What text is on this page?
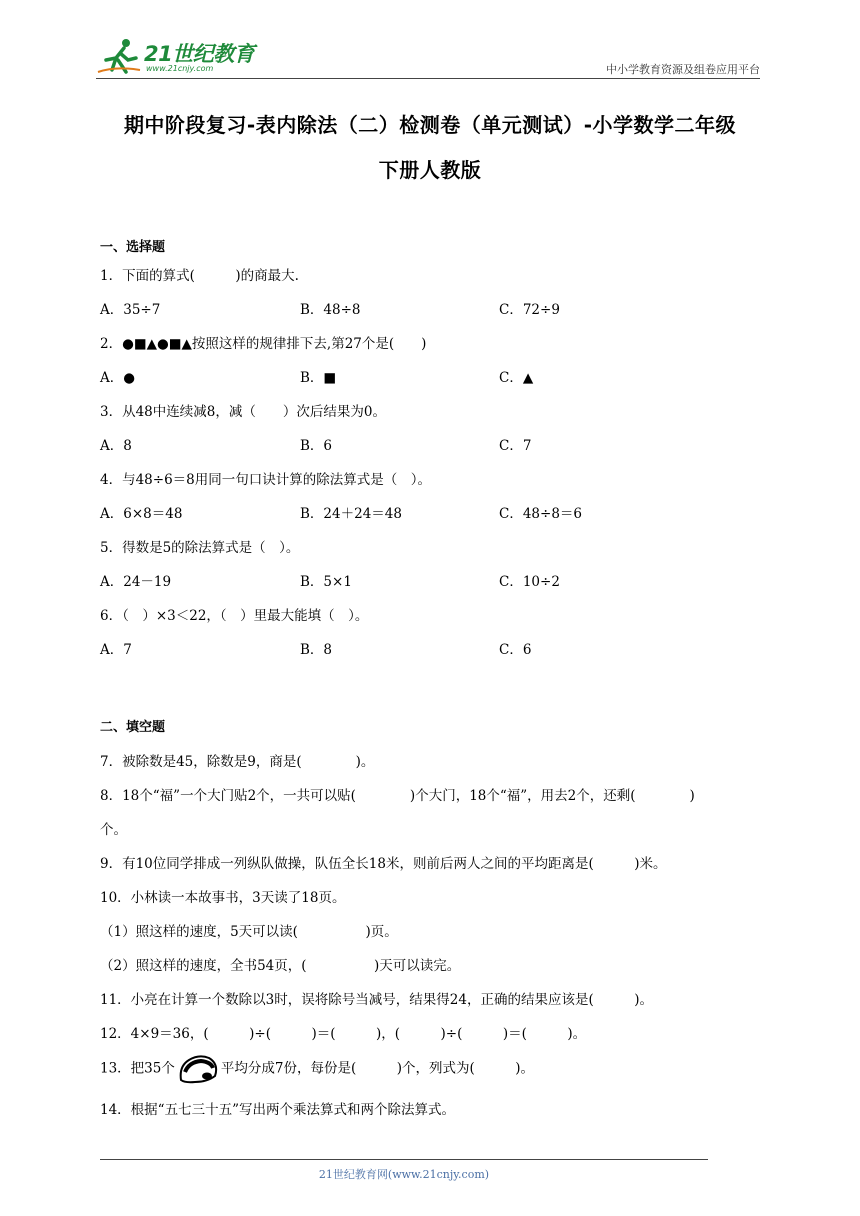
21世纪教育
www.21cnjy.com	中小学教育资源及组卷应用平台
期中阶段复习-表内除法（二）检测卷（单元测试）-小学数学二年级
下册人教版
一、选择题
1．下面的算式(　　　)的商最大.
A．35÷7	B．48÷8	C．72÷9
2．●■▲●■▲按照这样的规律排下去,第27个是(　　)
A．●	B．■	C．▲
3．从48中连续减8，减（　　）次后结果为0。
A．8	B．6	C．7
4．与48÷6＝8用同一句口诀计算的除法算式是（　）。
A．6×8＝48	B．24＋24＝48	C．48÷8＝6
5．得数是5的除法算式是（　）。
A．24－19	B．5×1	C．10÷2
6．（　）×3＜22，（　）里最大能填（　）。
A．7	B．8	C．6
二、填空题
7．被除数是45，除数是9，商是(　　　　)。
8．18个“福”一个大门贴2个，一共可以贴(　　　　)个大门，18个“福”，用去2个，还剩(　　　　)
个。
9．有10位同学排成一列纵队做操，队伍全长18米，则前后两人之间的平均距离是(　　　)米。
10．小林读一本故事书，3天读了18页。
（1）照这样的速度，5天可以读(　　　　　)页。
（2）照这样的速度，全书54页，(　　　　　)天可以读完。
11．小亮在计算一个数除以3时，误将除号当减号，结果得24，正确的结果应该是(　　　)。
12．4×9＝36，(　　　)÷(　　　)＝(　　　)，(　　　)÷(　　　)＝(　　　)。
13．把35个	平均分成7份，每份是(　　　)个，列式为(　　　)。
14．根据“五七三十五”写出两个乘法算式和两个除法算式。
21世纪教育网(www.21cnjy.com)
